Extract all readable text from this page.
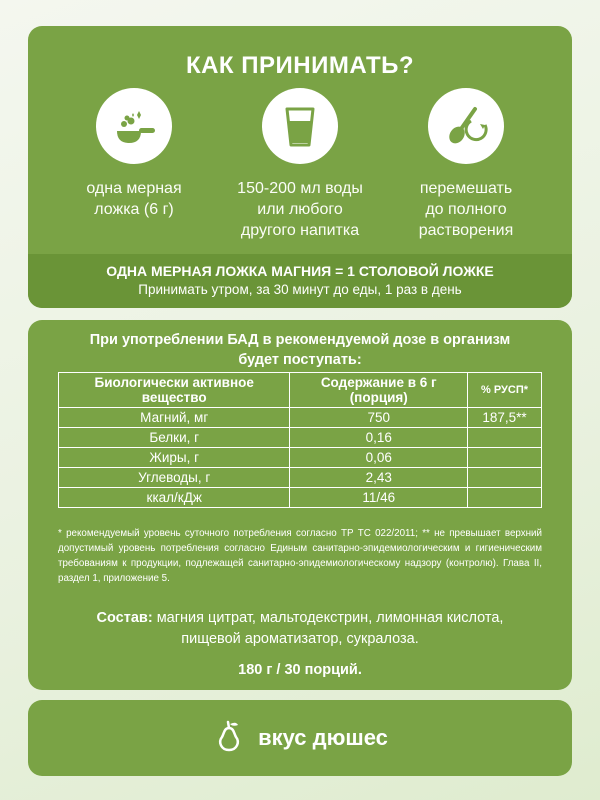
КАК ПРИНИМАТЬ?
одна мерная
ложка (6 г)
150-200 мл воды
или любого
другого напитка
перемешать
до полного
растворения
ОДНА МЕРНАЯ ЛОЖКА МАГНИЯ = 1 СТОЛОВОЙ ЛОЖКЕ
Принимать утром, за 30 минут до еды, 1 раз в день
При употреблении БАД в рекомендуемой дозе в организм
будет поступать:
Биологически активное вещество	Содержание в 6 г (порция)	% РУСП*
Магний, мг	750	187,5**
Белки, г	0,16	
Жиры, г	0,06	
Углеводы, г	2,43	
ккал/кДж	11/46	
* рекомендуемый уровень суточного потребления согласно ТР ТС 022/2011; ** не превышает верхний допустимый уровень потребления согласно Единым санитарно-эпидемиологическим и гигиеническим требованиям к продукции, подлежащей санитарно-эпидемиологическому надзору (контролю). Глава II, раздел 1, приложение 5.
Состав: магния цитрат, мальтодекстрин, лимонная кислота,
пищевой ароматизатор, сукралоза.
180 г / 30 порций.
вкус дюшес
